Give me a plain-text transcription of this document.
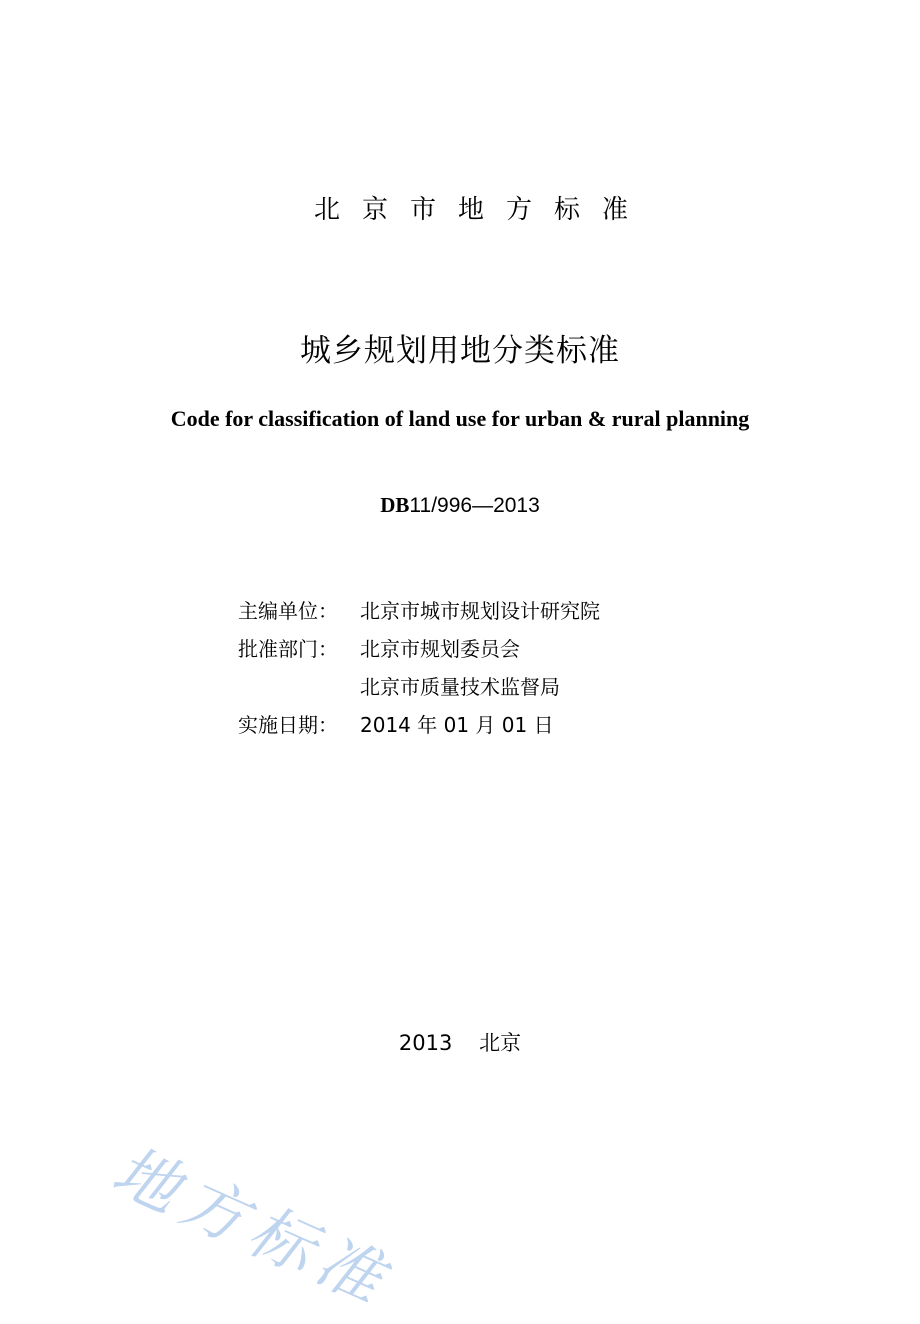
北京市地方标准
城乡规划用地分类标准
Code for classification of land use for urban & rural planning
DB11/996—2013
主编单位：	北京市城市规划设计研究院
批准部门：	北京市规划委员会
北京市质量技术监督局
实施日期：	2014 年 01 月 01 日
2013 北京
地方标准
